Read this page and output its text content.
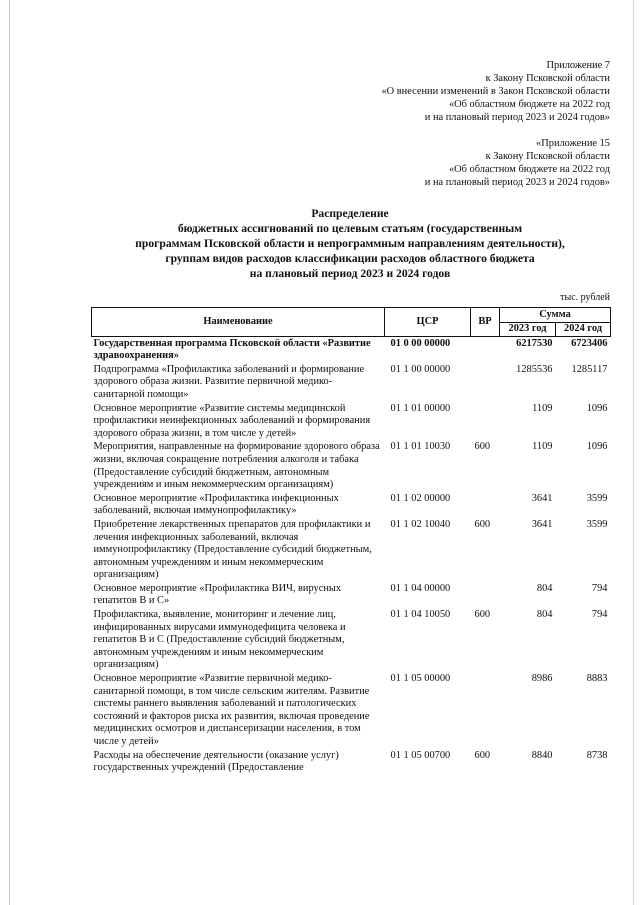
Приложение 7
к Закону Псковской области
«О внесении изменений в Закон Псковской области
«Об областном бюджете на 2022 год
и на плановый период 2023 и 2024 годов»
«Приложение 15
к Закону Псковской области
«Об областном бюджете на 2022 год
и на плановый период 2023 и 2024 годов»
Распределение
бюджетных ассигнований по целевым статьям (государственным
программам Псковской области и непрограммным направлениям деятельности),
группам видов расходов классификации расходов областного бюджета
на плановый период 2023 и 2024 годов
тыс. рублей
Наименование	ЦСР	ВР	Сумма	
			2023 год	2024 год
Государственная программа Псковской области «Развитие здравоохранения»	01 0 00 00000		6217530	6723406
Подпрограмма «Профилактика заболеваний и формирование здорового образа жизни. Развитие первичной медико-санитарной помощи»	01 1 00 00000		1285536	1285117
Основное мероприятие «Развитие системы медицинской профилактики неинфекционных заболеваний и формирования здорового образа жизни, в том числе у детей»	01 1 01 00000		1109	1096
Мероприятия, направленные на формирование здорового образа жизни, включая сокращение потребления алкоголя и табака (Предоставление субсидий бюджетным, автономным учреждениям и иным некоммерческим организациям)	01 1 01 10030	600	1109	1096
Основное мероприятие «Профилактика инфекционных заболеваний, включая иммунопрофилактику»	01 1 02 00000		3641	3599
Приобретение лекарственных препаратов для профилактики и лечения инфекционных заболеваний, включая иммунопрофилактику (Предоставление субсидий бюджетным, автономным учреждениям и иным некоммерческим организациям)	01 1 02 10040	600	3641	3599
Основное мероприятие «Профилактика ВИЧ, вирусных гепатитов В и С»	01 1 04 00000		804	794
Профилактика, выявление, мониторинг и лечение лиц, инфицированных вирусами иммунодефицита человека и гепатитов В и С (Предоставление субсидий бюджетным, автономным учреждениям и иным некоммерческим организациям)	01 1 04 10050	600	804	794
Основное мероприятие «Развитие первичной медико-санитарной помощи, в том числе сельским жителям. Развитие системы раннего выявления заболеваний и патологических состояний и факторов риска их развития, включая проведение медицинских осмотров и диспансеризации населения, в том числе у детей»	01 1 05 00000		8986	8883
Расходы на обеспечение деятельности (оказание услуг) государственных учреждений (Предоставление	01 1 05 00700	600	8840	8738
